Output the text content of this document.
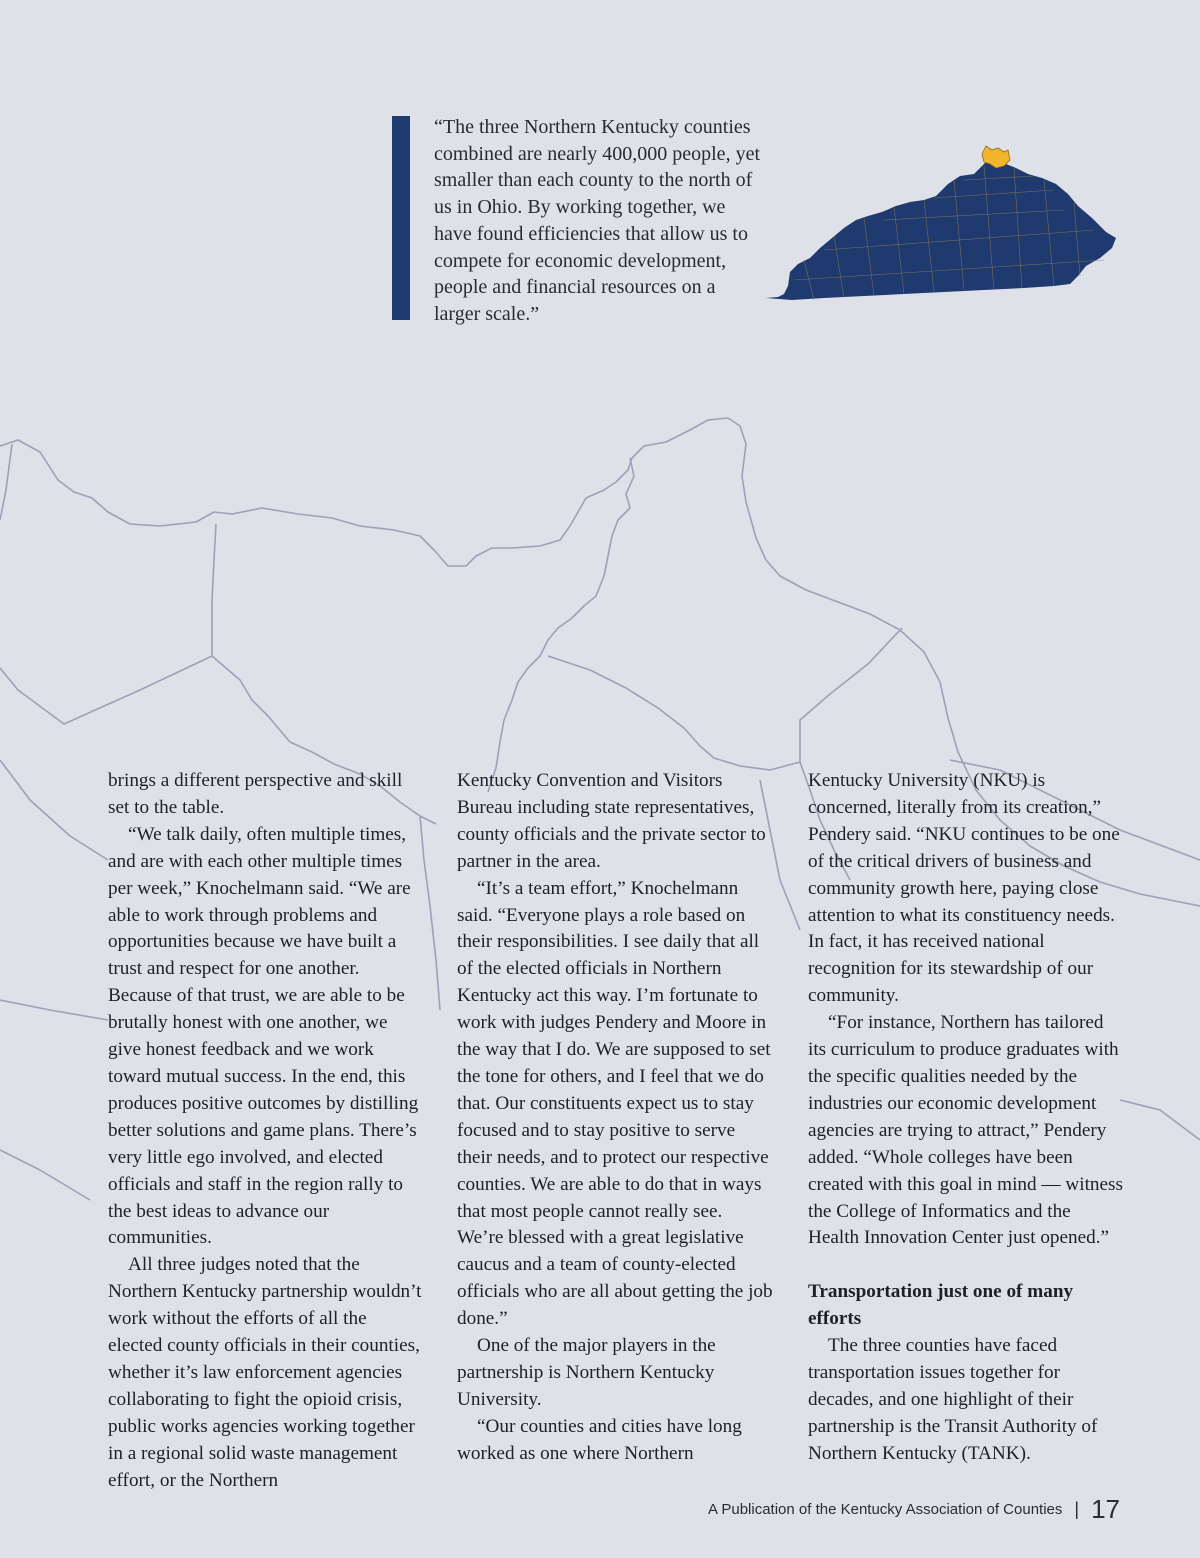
“The three Northern Kentucky counties combined are nearly 400,000 people, yet smaller than each county to the north of us in Ohio. By working together, we have found efficiencies that allow us to compete for economic development, people and financial resources on a larger scale.”

brings a different perspective and skill set to the table.

“We talk daily, often multiple times, and are with each other multiple times per week,” Knochelmann said. “We are able to work through problems and opportunities because we have built a trust and respect for one another. Because of that trust, we are able to be brutally honest with one another, we give honest feedback and we work toward mutual success. In the end, this produces positive outcomes by distilling better solutions and game plans. There’s very little ego involved, and elected officials and staff in the region rally to the best ideas to advance our communities.

All three judges noted that the Northern Kentucky partnership wouldn’t work without the efforts of all the elected county officials in their counties, whether it’s law enforcement agencies collaborating to fight the opioid crisis, public works agencies working together in a regional solid waste management effort, or the Northern

Kentucky Convention and Visitors Bureau including state representatives, county officials and the private sector to partner in the area.

“It’s a team effort,” Knochelmann said. “Everyone plays a role based on their responsibilities. I see daily that all of the elected officials in Northern Kentucky act this way. I’m fortunate to work with judges Pendery and Moore in the way that I do. We are supposed to set the tone for others, and I feel that we do that. Our constituents expect us to stay focused and to stay positive to serve their needs, and to protect our respective counties. We are able to do that in ways that most people cannot really see. We’re blessed with a great legislative caucus and a team of county-elected officials who are all about getting the job done.”

One of the major players in the partnership is Northern Kentucky University.

“Our counties and cities have long worked as one where Northern

Kentucky University (NKU) is concerned, literally from its creation,” Pendery said. “NKU continues to be one of the critical drivers of business and community growth here, paying close attention to what its constituency needs. In fact, it has received national recognition for its stewardship of our community.

“For instance, Northern has tailored its curriculum to produce graduates with the specific qualities needed by the industries our economic development agencies are trying to attract,” Pendery added. “Whole colleges have been created with this goal in mind — witness the College of Informatics and the Health Innovation Center just opened.”

Transportation just one of many efforts

The three counties have faced transportation issues together for decades, and one highlight of their partnership is the Transit Authority of Northern Kentucky (TANK).

A Publication of the Kentucky Association of Counties | 17
